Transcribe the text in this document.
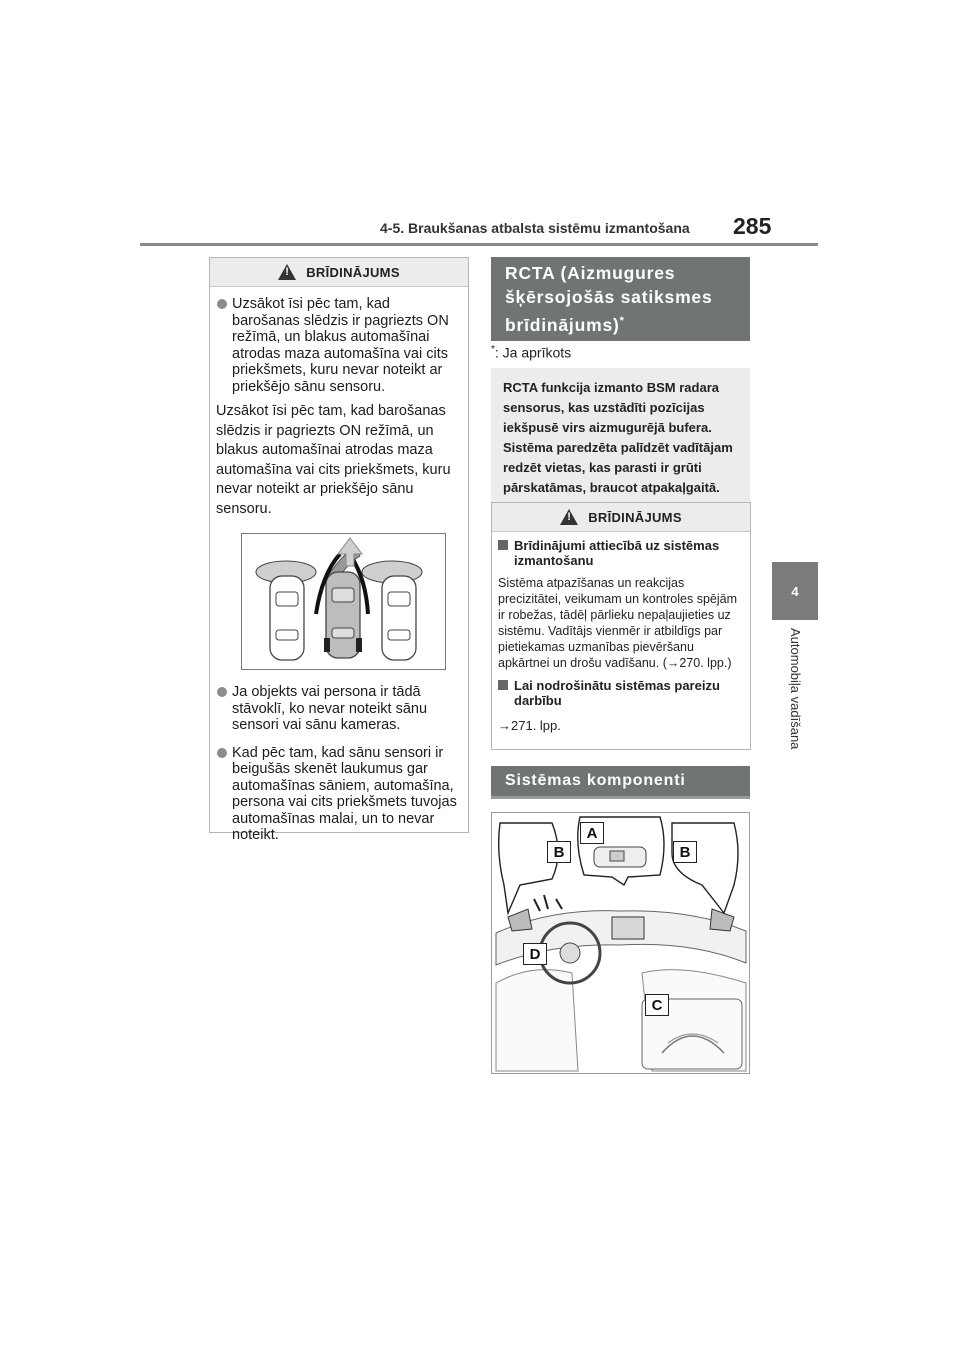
4-5. Braukšanas atbalsta sistēmu izmantošana 285
4
Automobiļa vadīšana
!
BRĪDINĀJUMS
Uzsākot īsi pēc tam, kad barošanas slēdzis ir pagriezts ON režīmā, un blakus automašīnai atrodas maza automašīna vai cits priekšmets, kuru nevar noteikt ar priekšējo sānu sensoru.
Uzsākot īsi pēc tam, kad barošanas slēdzis ir pagriezts ON režīmā, un blakus automašīnai atrodas maza automašīna vai cits priekšmets, kuru nevar noteikt ar priekšējo sānu sensoru.
Ja objekts vai persona ir tādā stāvoklī, ko nevar noteikt sānu sensori vai sānu kameras.
Kad pēc tam, kad sānu sensori ir beigušās skenēt laukumus gar automašīnas sāniem, automašīna, persona vai cits priekšmets tuvojas automašīnas malai, un to nevar noteikt.
RCTA (Aizmugures šķērsojošās satiksmes brīdinājums)*
*: Ja aprīkots
RCTA funkcija izmanto BSM radara sensorus, kas uzstādīti pozīcijas iekšpusē virs aizmugurējā bufera. Sistēma paredzēta palīdzēt vadītājam redzēt vietas, kas parasti ir grūti pārskatāmas, braucot atpakaļgaitā.
!
BRĪDINĀJUMS
Brīdinājumi attiecībā uz sistēmas izmantošanu
Sistēma atpazīšanas un reakcijas precizitātei, veikumam un kontroles spējām ir robežas, tādēļ pārlieku nepaļaujieties uz sistēmu. Vadītājs vienmēr ir atbildīgs par pietiekamas uzmanības pievēršanu apkārtnei un drošu vadīšanu. (→270. lpp.)
Lai nodrošinātu sistēmas pareizu darbību
→271. lpp.
Sistēmas komponenti
A
B	B
D
C
